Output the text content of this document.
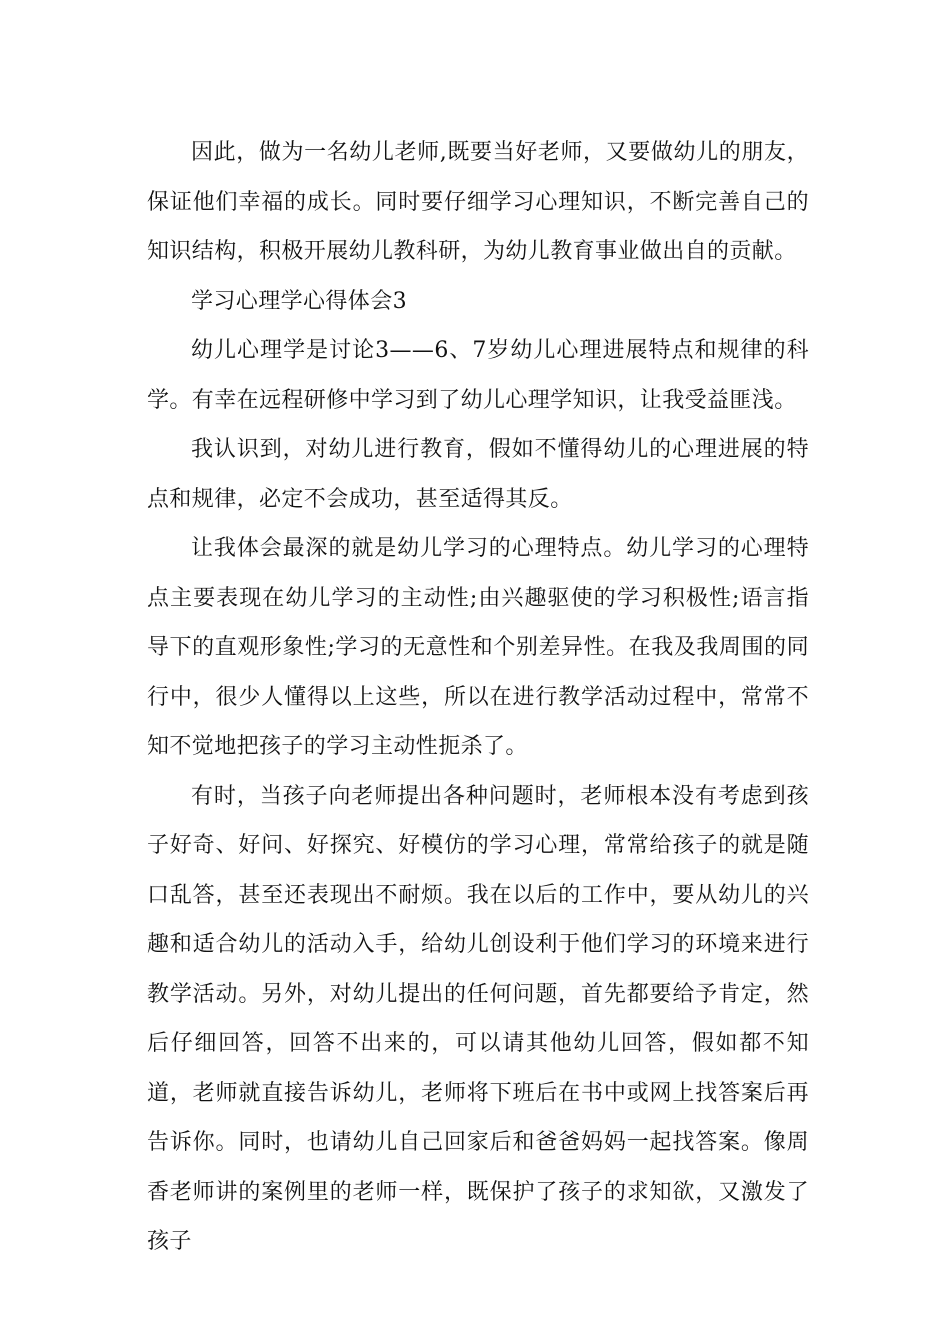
因此，做为一名幼儿老师,既要当好老师，又要做幼儿的朋友，保证他们幸福的成长。同时要仔细学习心理知识，不断完善自己的知识结构，积极开展幼儿教科研，为幼儿教育事业做出自的贡献。

学习心理学心得体会3

幼儿心理学是讨论3——6、7岁幼儿心理进展特点和规律的科学。有幸在远程研修中学习到了幼儿心理学知识，让我受益匪浅。

我认识到，对幼儿进行教育，假如不懂得幼儿的心理进展的特点和规律，必定不会成功，甚至适得其反。

让我体会最深的就是幼儿学习的心理特点。幼儿学习的心理特点主要表现在幼儿学习的主动性;由兴趣驱使的学习积极性;语言指导下的直观形象性;学习的无意性和个别差异性。在我及我周围的同行中，很少人懂得以上这些，所以在进行教学活动过程中，常常不知不觉地把孩子的学习主动性扼杀了。

有时，当孩子向老师提出各种问题时，老师根本没有考虑到孩子好奇、好问、好探究、好模仿的学习心理，常常给孩子的就是随口乱答，甚至还表现出不耐烦。我在以后的工作中，要从幼儿的兴趣和适合幼儿的活动入手，给幼儿创设利于他们学习的环境来进行教学活动。另外，对幼儿提出的任何问题，首先都要给予肯定，然后仔细回答，回答不出来的，可以请其他幼儿回答，假如都不知道，老师就直接告诉幼儿，老师将下班后在书中或网上找答案后再告诉你。同时，也请幼儿自己回家后和爸爸妈妈一起找答案。像周香老师讲的案例里的老师一样，既保护了孩子的求知欲，又激发了孩子
